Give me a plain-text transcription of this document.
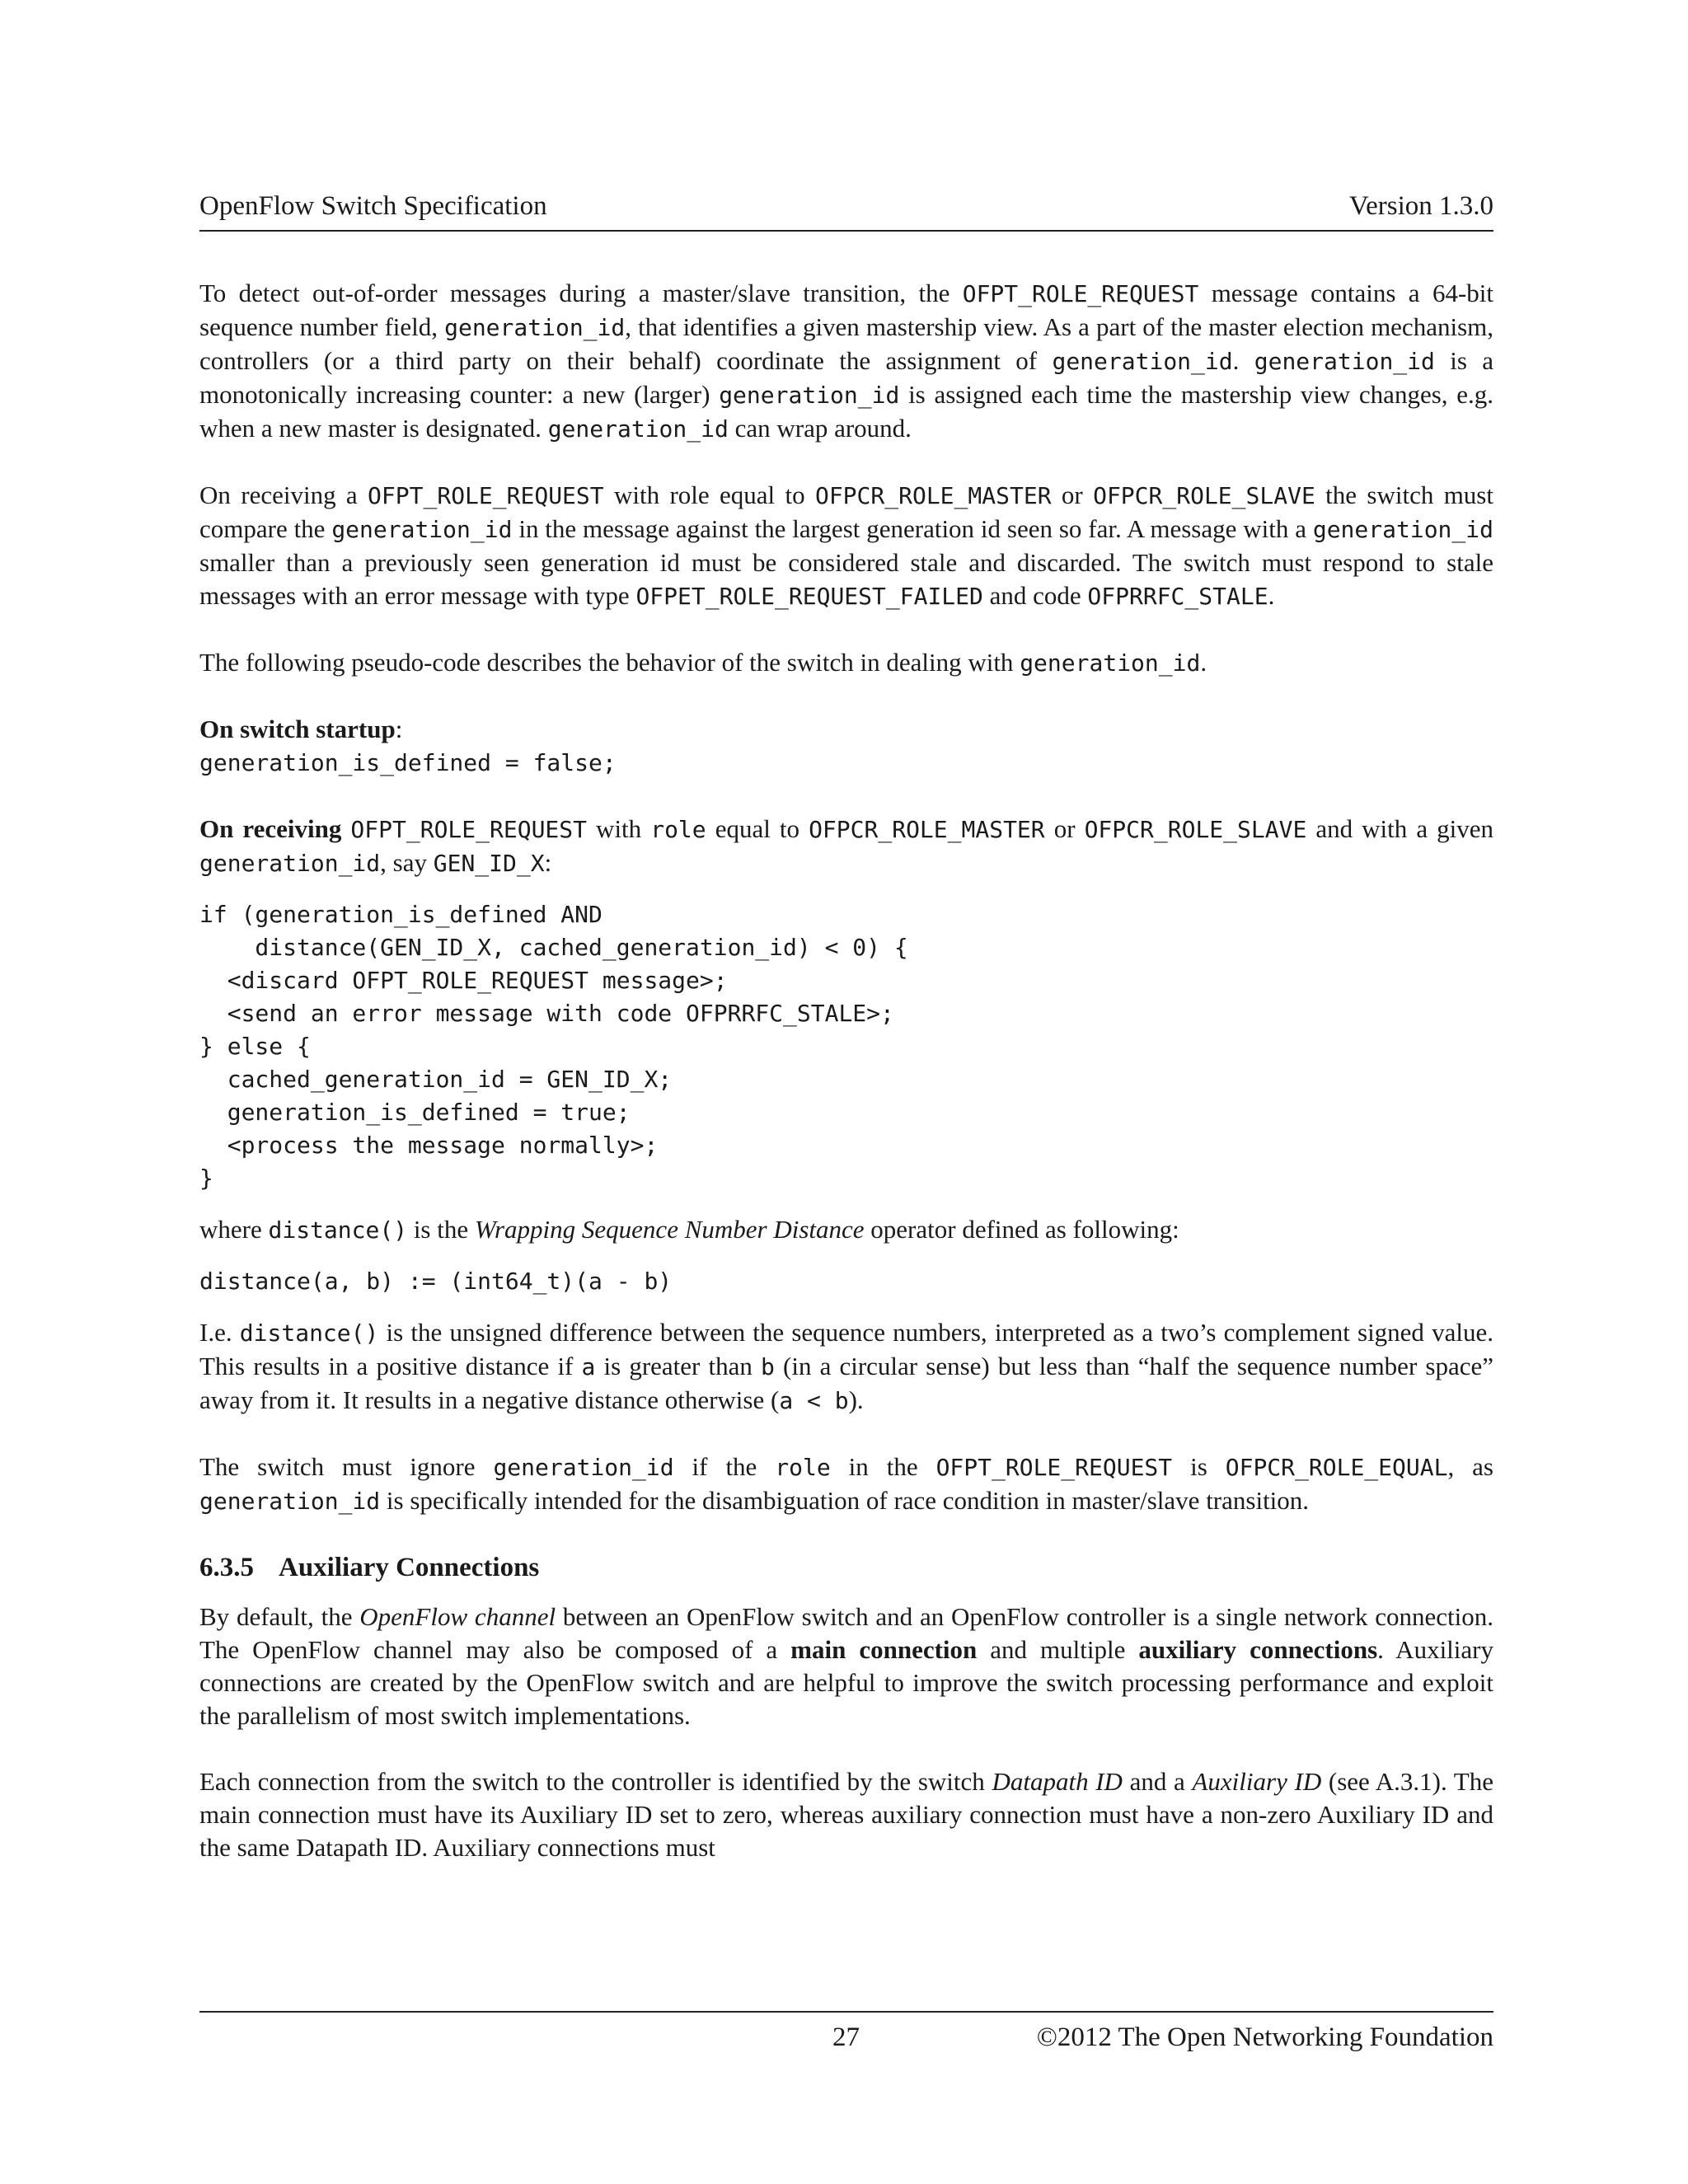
OpenFlow Switch Specification	Version 1.3.0

To detect out-of-order messages during a master/slave transition, the OFPT_ROLE_REQUEST message contains a 64-bit sequence number field, generation_id, that identifies a given mastership view. As a part of the master election mechanism, controllers (or a third party on their behalf) coordinate the assignment of generation_id. generation_id is a monotonically increasing counter: a new (larger) generation_id is assigned each time the mastership view changes, e.g. when a new master is designated. generation_id can wrap around.

On receiving a OFPT_ROLE_REQUEST with role equal to OFPCR_ROLE_MASTER or OFPCR_ROLE_SLAVE the switch must compare the generation_id in the message against the largest generation id seen so far. A message with a generation_id smaller than a previously seen generation id must be considered stale and discarded. The switch must respond to stale messages with an error message with type OFPET_ROLE_REQUEST_FAILED and code OFPRRFC_STALE.

The following pseudo-code describes the behavior of the switch in dealing with generation_id.

On switch startup:
generation_is_defined = false;

On receiving OFPT_ROLE_REQUEST with role equal to OFPCR_ROLE_MASTER or OFPCR_ROLE_SLAVE and with a given generation_id, say GEN_ID_X:

if (generation_is_defined AND
distance(GEN_ID_X, cached_generation_id) < 0) {
<discard OFPT_ROLE_REQUEST message>;
<send an error message with code OFPRRFC_STALE>;
} else {
cached_generation_id = GEN_ID_X;
generation_is_defined = true;
<process the message normally>;
}

where distance() is the Wrapping Sequence Number Distance operator defined as following:

distance(a, b) := (int64_t)(a - b)

I.e. distance() is the unsigned difference between the sequence numbers, interpreted as a two’s complement signed value. This results in a positive distance if a is greater than b (in a circular sense) but less than “half the sequence number space” away from it. It results in a negative distance otherwise (a < b).

The switch must ignore generation_id if the role in the OFPT_ROLE_REQUEST is OFPCR_ROLE_EQUAL, as generation_id is specifically intended for the disambiguation of race condition in master/slave transition.

6.3.5 Auxiliary Connections

By default, the OpenFlow channel between an OpenFlow switch and an OpenFlow controller is a single network connection. The OpenFlow channel may also be composed of a main connection and multiple auxiliary connections. Auxiliary connections are created by the OpenFlow switch and are helpful to improve the switch processing performance and exploit the parallelism of most switch implementations.

Each connection from the switch to the controller is identified by the switch Datapath ID and a Auxiliary ID (see A.3.1). The main connection must have its Auxiliary ID set to zero, whereas auxiliary connection must have a non-zero Auxiliary ID and the same Datapath ID. Auxiliary connections must

27	©2012 The Open Networking Foundation
